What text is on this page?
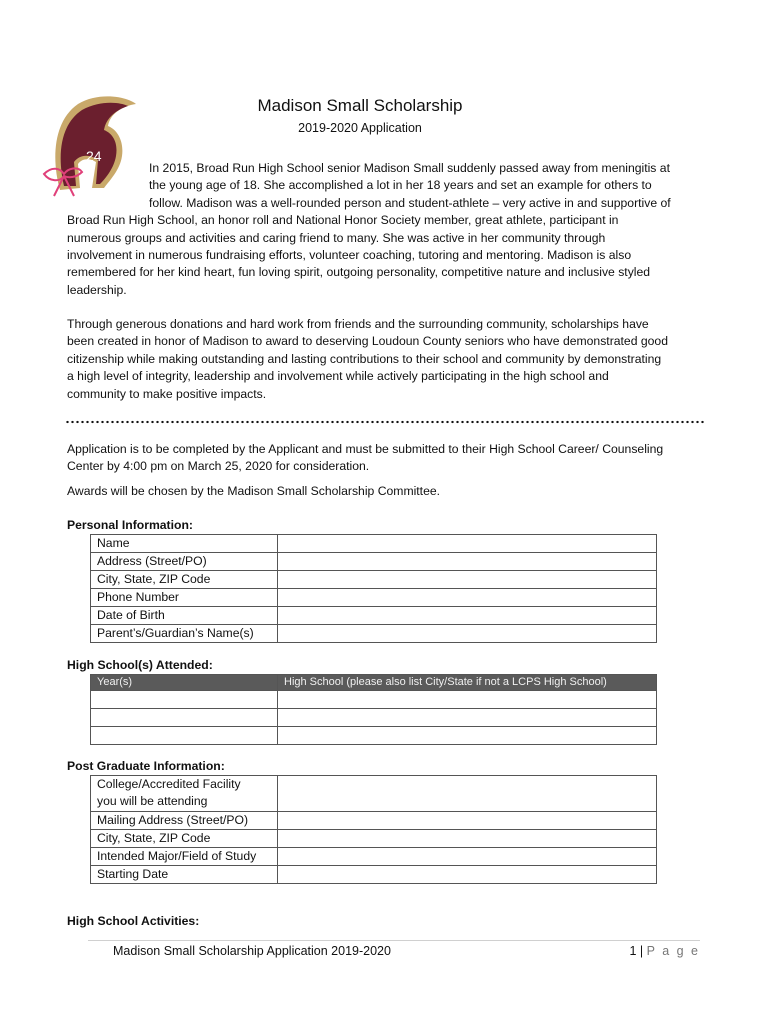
24
Madison Small Scholarship
2019-2020 Application
In 2015, Broad Run High School senior Madison Small suddenly passed away from meningitis at
the young age of 18. She accomplished a lot in her 18 years and set an example for others to
follow. Madison was a well-rounded person and student-athlete – very active in and supportive of
Broad Run High School, an honor roll and National Honor Society member, great athlete, participant in
numerous groups and activities and caring friend to many. She was active in her community through
involvement in numerous fundraising efforts, volunteer coaching, tutoring and mentoring. Madison is also
remembered for her kind heart, fun loving spirit, outgoing personality, competitive nature and inclusive styled
leadership.
Through generous donations and hard work from friends and the surrounding community, scholarships have
been created in honor of Madison to award to deserving Loudoun County seniors who have demonstrated good
citizenship while making outstanding and lasting contributions to their school and community by demonstrating
a high level of integrity, leadership and involvement while actively participating in the high school and
community to make positive impacts.
Application is to be completed by the Applicant and must be submitted to their High School Career/ Counseling
Center by 4:00 pm on March 25, 2020 for consideration.
Awards will be chosen by the Madison Small Scholarship Committee.
Personal Information:
Name	
Address (Street/PO)	
City, State, ZIP Code	
Phone Number	
Date of Birth	
Parent’s/Guardian’s Name(s)	
High School(s) Attended:
Year(s)	High School (please also list City/State if not a LCPS High School)

Post Graduate Information:
College/Accredited Facility
you will be attending	

Mailing Address (Street/PO)	
City, State, ZIP Code	
Intended Major/Field of Study	
Starting Date	
High School Activities:
Madison Small Scholarship Application 2019-2020	1 | P a g e
